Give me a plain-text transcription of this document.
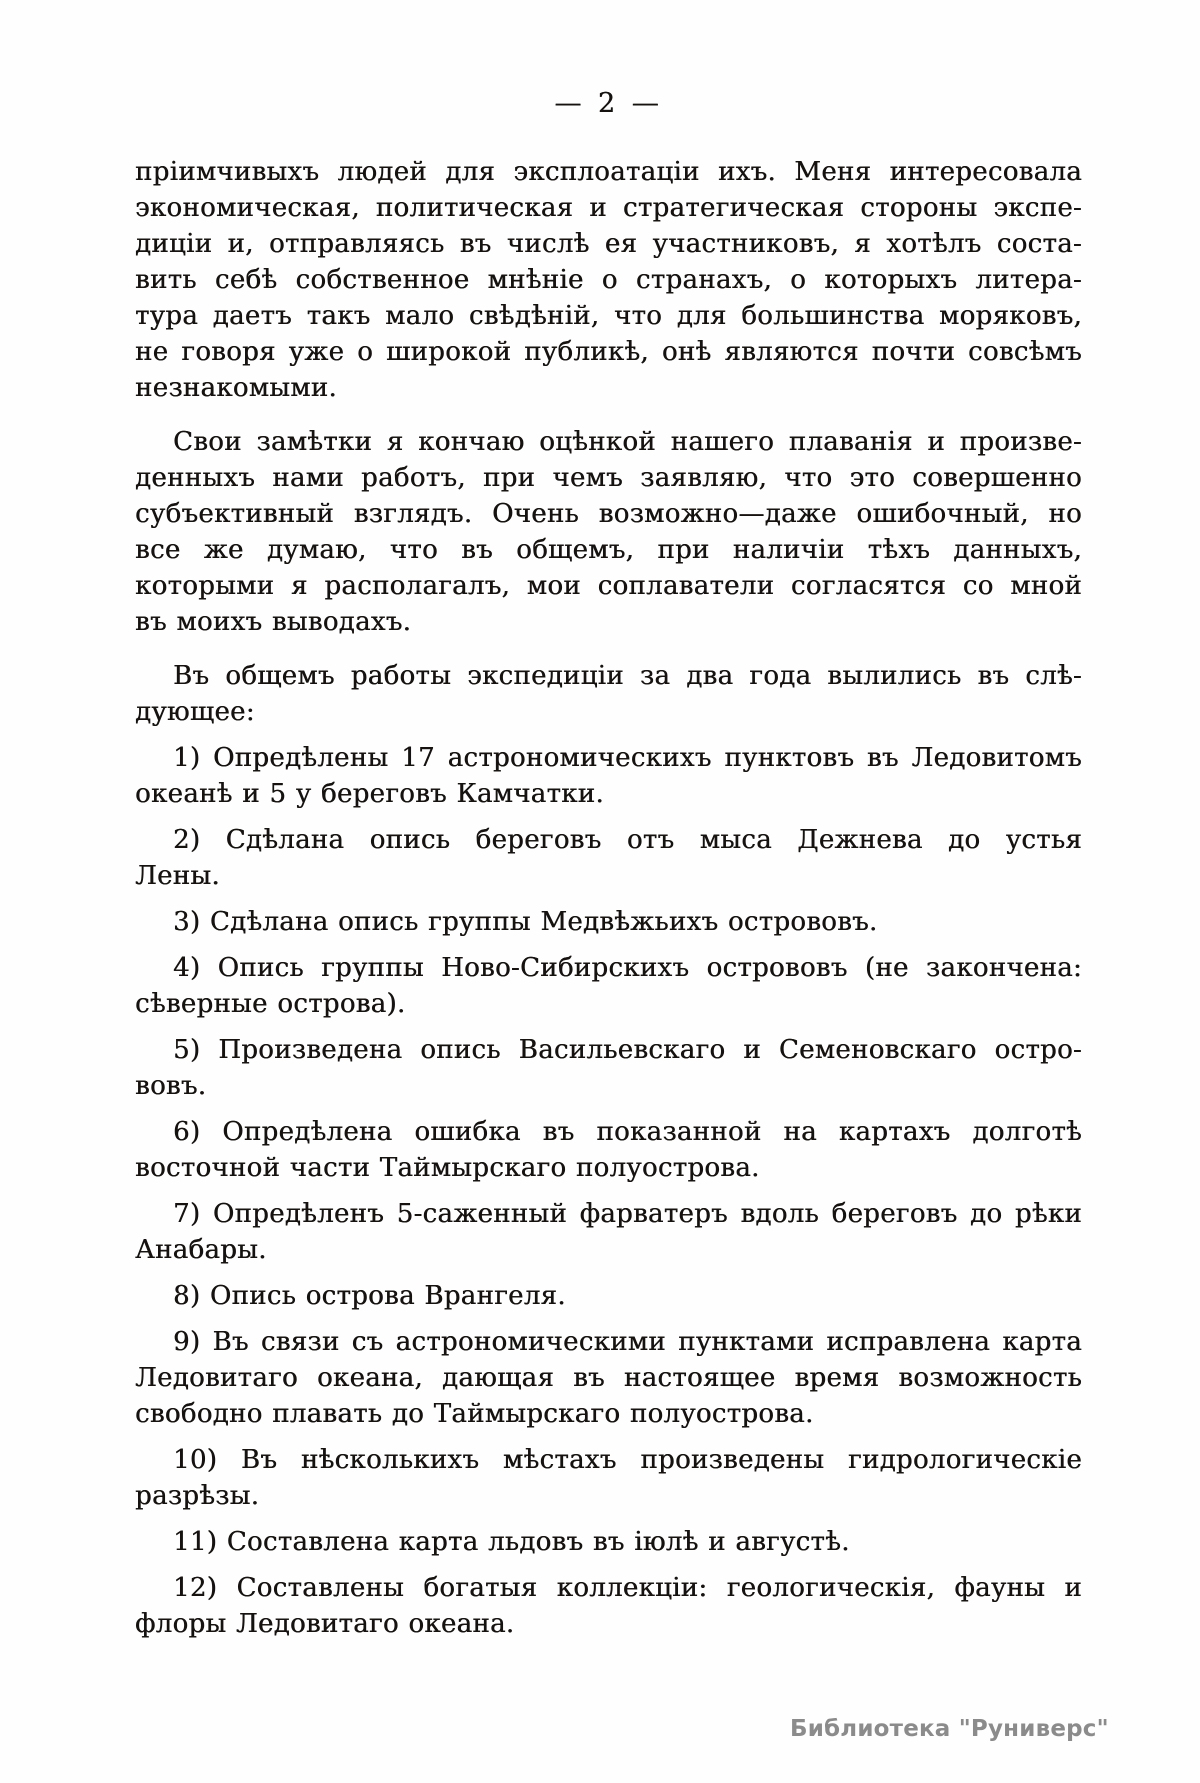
— 2 —
пріимчивыхъ людей для эксплоатаціи ихъ. Меня интересовала
экономическая, политическая и стратегическая стороны экспе-
диціи и, отправляясь въ числѣ ея участниковъ, я хотѣлъ соста-
вить себѣ собственное мнѣніе о странахъ, о которыхъ литера-
тура даетъ такъ мало свѣдѣній, что для большинства моряковъ,
не говоря уже о широкой публикѣ, онѣ являются почти совсѣмъ
незнакомыми.
Свои замѣтки я кончаю оцѣнкой нашего плаванія и произве-
денныхъ нами работъ, при чемъ заявляю, что это совершенно
субъективный взглядъ. Очень возможно—даже ошибочный, но
все же думаю, что въ общемъ, при наличіи тѣхъ данныхъ,
которыми я располагалъ, мои соплаватели согласятся со мной
въ моихъ выводахъ.
Въ общемъ работы экспедиціи за два года вылились въ слѣ-
дующее:
1) Опредѣлены 17 астрономическихъ пунктовъ въ Ледовитомъ
океанѣ и 5 у береговъ Камчатки.
2) Сдѣлана опись береговъ отъ мыса Дежнева до устья
Лены.
3) Сдѣлана опись группы Медвѣжьихъ острововъ.
4) Опись группы Ново-Сибирскихъ острововъ (не закончена:
сѣверные острова).
5) Произведена опись Васильевскаго и Семеновскаго остро-
вовъ.
6) Опредѣлена ошибка въ показанной на картахъ долготѣ
восточной части Таймырскаго полуострова.
7) Опредѣленъ 5-саженный фарватеръ вдоль береговъ до рѣки
Анабары.
8) Опись острова Врангеля.
9) Въ связи съ астрономическими пунктами исправлена карта
Ледовитаго океана, дающая въ настоящее время возможность
свободно плавать до Таймырскаго полуострова.
10) Въ нѣсколькихъ мѣстахъ произведены гидрологическіе
разрѣзы.
11) Составлена карта льдовъ въ іюлѣ и августѣ.
12) Составлены богатыя коллекціи: геологическія, фауны и
флоры Ледовитаго океана.
Библиотека "Руниверс"
